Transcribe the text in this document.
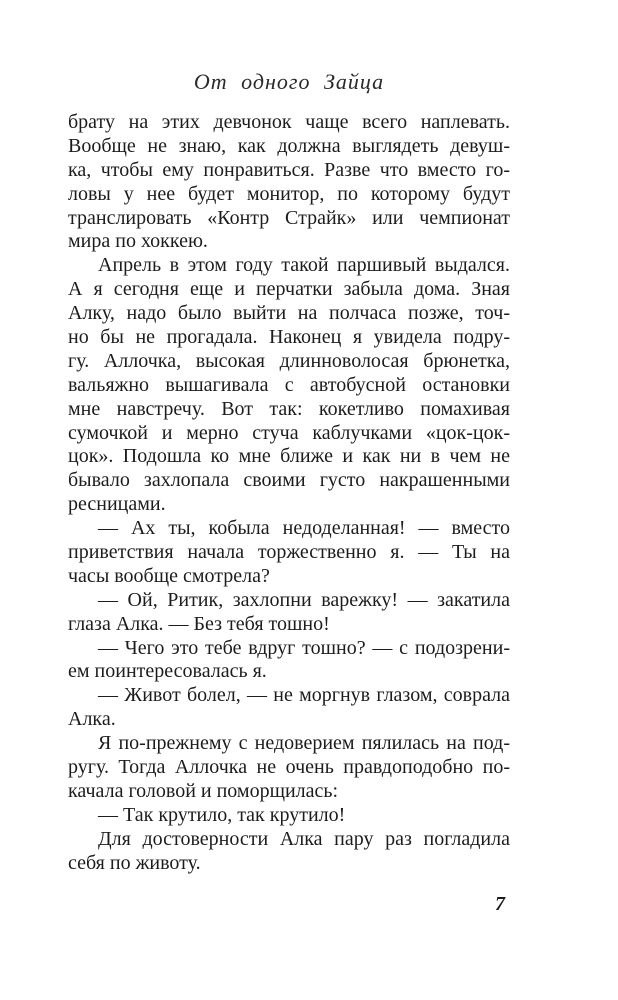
От одного Зайца
брату на этих девчонок чаще всего наплевать.
Вообще не знаю, как должна выглядеть девуш-
ка, чтобы ему понравиться. Разве что вместо го-
ловы у нее будет монитор, по которому будут
транслировать «Контр Страйк» или чемпионат
мира по хоккею.
Апрель в этом году такой паршивый выдался.
А я сегодня еще и перчатки забыла дома. Зная
Алку, надо было выйти на полчаса позже, точ-
но бы не прогадала. Наконец я увидела подру-
гу. Аллочка, высокая длинноволосая брюнетка,
вальяжно вышагивала с автобусной остановки
мне навстречу. Вот так: кокетливо помахивая
сумочкой и мерно стуча каблучками «цок-цок-
цок». Подошла ко мне ближе и как ни в чем не
бывало захлопала своими густо накрашенными
ресницами.
— Ах ты, кобыла недоделанная! — вместо
приветствия начала торжественно я. — Ты на
часы вообще смотрела?
— Ой, Ритик, захлопни варежку! — закатила
глаза Алка. — Без тебя тошно!
— Чего это тебе вдруг тошно? — с подозрени-
ем поинтересовалась я.
— Живот болел, — не моргнув глазом, соврала
Алка.
Я по-прежнему с недоверием пялилась на под-
ругу. Тогда Аллочка не очень правдоподобно по-
качала головой и поморщилась:
— Так крутило, так крутило!
Для достоверности Алка пару раз погладила
себя по животу.
7
